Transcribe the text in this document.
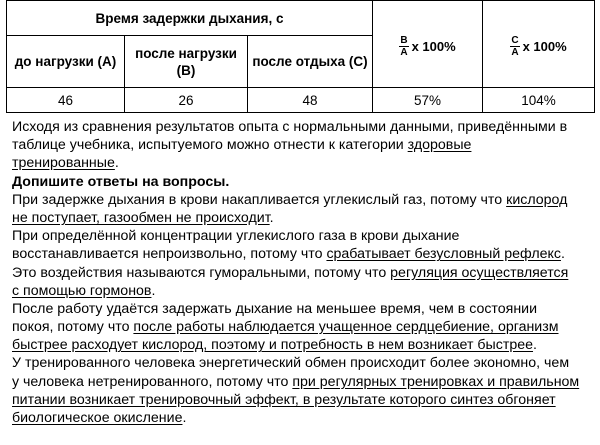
Время задержки дыхания, с			$\frac{В}{А}$ x 100%	$\frac{С}{А}$ x 100%

до нагрузки (А)	после нагрузки (В)	после отдыха (С)		
46	26	48	57%	104%
Исходя из сравнения результатов опыта с нормальными данными, приведёнными в
таблице учебника, испытуемого можно отнести к категории здоровые
тренированные.
Допишите ответы на вопросы.
При задержке дыхания в крови накапливается углекислый газ, потому что кислород
не поступает, газообмен не происходит.
При определённой концентрации углекислого газа в крови дыхание
восстанавливается непроизвольно, потому что срабатывает безусловный рефлекс.
Это воздействия называются гуморальными, потому что регуляция осуществляется
с помощью гормонов.
После работу удаётся задержать дыхание на меньшее время, чем в состоянии
покоя, потому что после работы наблюдается учащенное сердцебиение, организм
быстрее расходует кислород, поэтому и потребность в нем возникает быстрее.
У тренированного человека энергетический обмен происходит более экономно, чем
у человека нетренированного, потому что при регулярных тренировках и правильном
питании возникает тренировочный эффект, в результате которого синтез обгоняет
биологическое окисление.
